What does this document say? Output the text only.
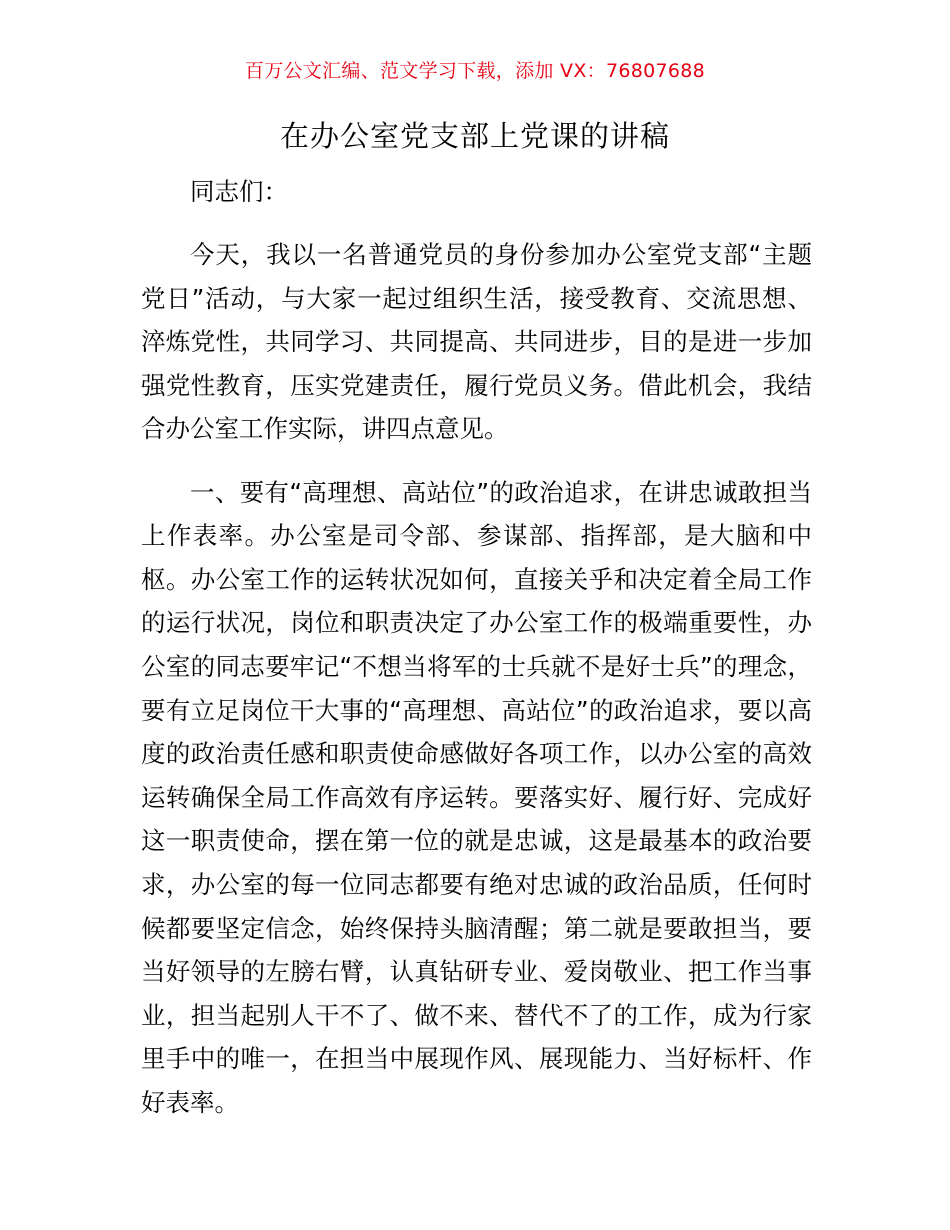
百万公文汇编、范文学习下载，添加 VX：76807688
在办公室党支部上党课的讲稿

同志们：

今天，我以一名普通党员的身份参加办公室党支部“主题党日”活动，与大家一起过组织生活，接受教育、交流思想、淬炼党性，共同学习、共同提高、共同进步，目的是进一步加强党性教育，压实党建责任，履行党员义务。借此机会，我结合办公室工作实际，讲四点意见。

一、要有“高理想、高站位”的政治追求，在讲忠诚敢担当上作表率。办公室是司令部、参谋部、指挥部，是大脑和中枢。办公室工作的运转状况如何，直接关乎和决定着全局工作的运行状况，岗位和职责决定了办公室工作的极端重要性，办公室的同志要牢记“不想当将军的士兵就不是好士兵”的理念，要有立足岗位干大事的“高理想、高站位”的政治追求，要以高度的政治责任感和职责使命感做好各项工作，以办公室的高效运转确保全局工作高效有序运转。要落实好、履行好、完成好这一职责使命，摆在第一位的就是忠诚，这是最基本的政治要求，办公室的每一位同志都要有绝对忠诚的政治品质，任何时候都要坚定信念，始终保持头脑清醒；第二就是要敢担当，要当好领导的左膀右臂，认真钻研专业、爱岗敬业、把工作当事业，担当起别人干不了、做不来、替代不了的工作，成为行家里手中的唯一，在担当中展现作风、展现能力、当好标杆、作好表率。
